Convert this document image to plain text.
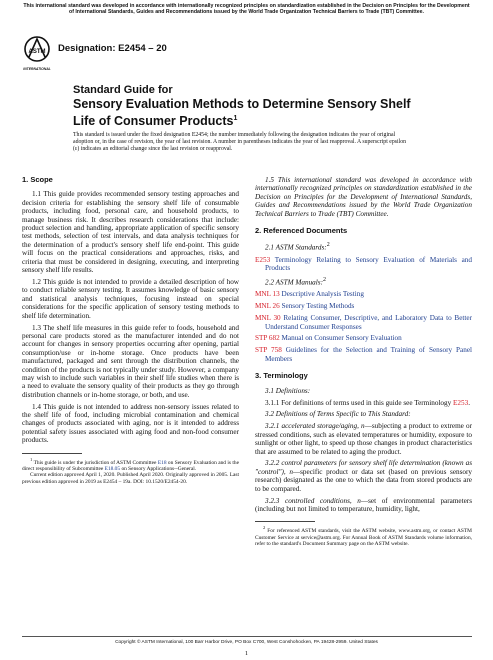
This international standard was developed in accordance with internationally recognized principles on standardization established in the Decision on Principles for the Development of International Standards, Guides and Recommendations issued by the World Trade Organization Technical Barriers to Trade (TBT) Committee.
ASTM
INTERNATIONAL
Designation: E2454 – 20
Standard Guide for
Sensory Evaluation Methods to Determine Sensory Shelf
Life of Consumer Products$^1$
This standard is issued under the fixed designation E2454; the number immediately following the designation indicates the year of original adoption or, in the case of revision, the year of last revision. A number in parentheses indicates the year of last reapproval. A superscript epsilon (ε) indicates an editorial change since the last revision or reapproval.

1. Scope

1.1 This guide provides recommended sensory testing approaches and decision criteria for establishing the sensory shelf life of consumable products, including food, personal care, and household products, to manage business risk. It describes research considerations that include: product selection and handling, appropriate application of specific sensory test methods, selection of test intervals, and data analysis techniques for the determination of a product's sensory shelf life end-point. This guide will focus on the practical considerations and approaches, risks, and criteria that must be considered in designing, executing, and interpreting sensory shelf life results.

1.2 This guide is not intended to provide a detailed description of how to conduct reliable sensory testing. It assumes knowledge of basic sensory and statistical analysis techniques, focusing instead on special considerations for the specific application of sensory testing methods to shelf life determination.

1.3 The shelf life measures in this guide refer to foods, household and personal care products stored as the manufacturer intended and do not account for changes in sensory properties occurring after opening, partial consumption/use or in-home storage. Once products have been manufactured, packaged and sent through the distribution channels, the condition of the products is not typically under study. However, a company may wish to include such variables in their shelf life studies when there is a need to evaluate the sensory quality of their products as they go through distribution channels or in-home storage, or both, and use.

1.4 This guide is not intended to address non-sensory issues related to the shelf life of food, including microbial contamination and chemical changes of products associated with aging, nor is it intended to address potential safety issues associated with aging food and non-food consumer products.

$^1$ This guide is under the jurisdiction of ASTM Committee E18 on Sensory Evaluation and is the direct responsibility of Subcommittee E18.05 on Sensory Applications--General.

Current edition approved April 1, 2020. Published April 2020. Originally approved in 2005. Last previous edition approved in 2019 as E2454 – 19a. DOI: 10.1520/E2454-20.

1.5 This international standard was developed in accordance with internationally recognized principles on standardization established in the Decision on Principles for the Development of International Standards, Guides and Recommendations issued by the World Trade Organization Technical Barriers to Trade (TBT) Committee.

2. Referenced Documents

2.1 ASTM Standards:$^2$

E253 Terminology Relating to Sensory Evaluation of Materials and Products

2.2 ASTM Manuals:$^2$

MNL 13 Descriptive Analysis Testing

MNL 26 Sensory Testing Methods

MNL 30 Relating Consumer, Descriptive, and Laboratory Data to Better Understand Consumer Responses

STP 682 Manual on Consumer Sensory Evaluation

STP 758 Guidelines for the Selection and Training of Sensory Panel Members

3. Terminology

3.1 Definitions:

3.1.1 For definitions of terms used in this guide see Terminology E253.

3.2 Definitions of Terms Specific to This Standard:

3.2.1 accelerated storage/aging, n—subjecting a product to extreme or stressed conditions, such as elevated temperatures or humidity, exposure to sunlight or other light, to speed up those changes in product characteristics that are assumed to be related to aging the product.

3.2.2 control parameters for sensory shelf life determination (known as "control"), n—specific product or data set (based on previous sensory research) designated as the one to which the data from stored products are to be compared.

3.2.3 controlled conditions, n—set of environmental parameters (including but not limited to temperature, humidity, light,

$^2$ For referenced ASTM standards, visit the ASTM website, www.astm.org, or contact ASTM Customer Service at service@astm.org. For Annual Book of ASTM Standards volume information, refer to the standard's Document Summary page on the ASTM website.

Copyright © ASTM International, 100 Barr Harbor Drive, PO Box C700, West Conshohocken, PA 19428-2959. United States
1
